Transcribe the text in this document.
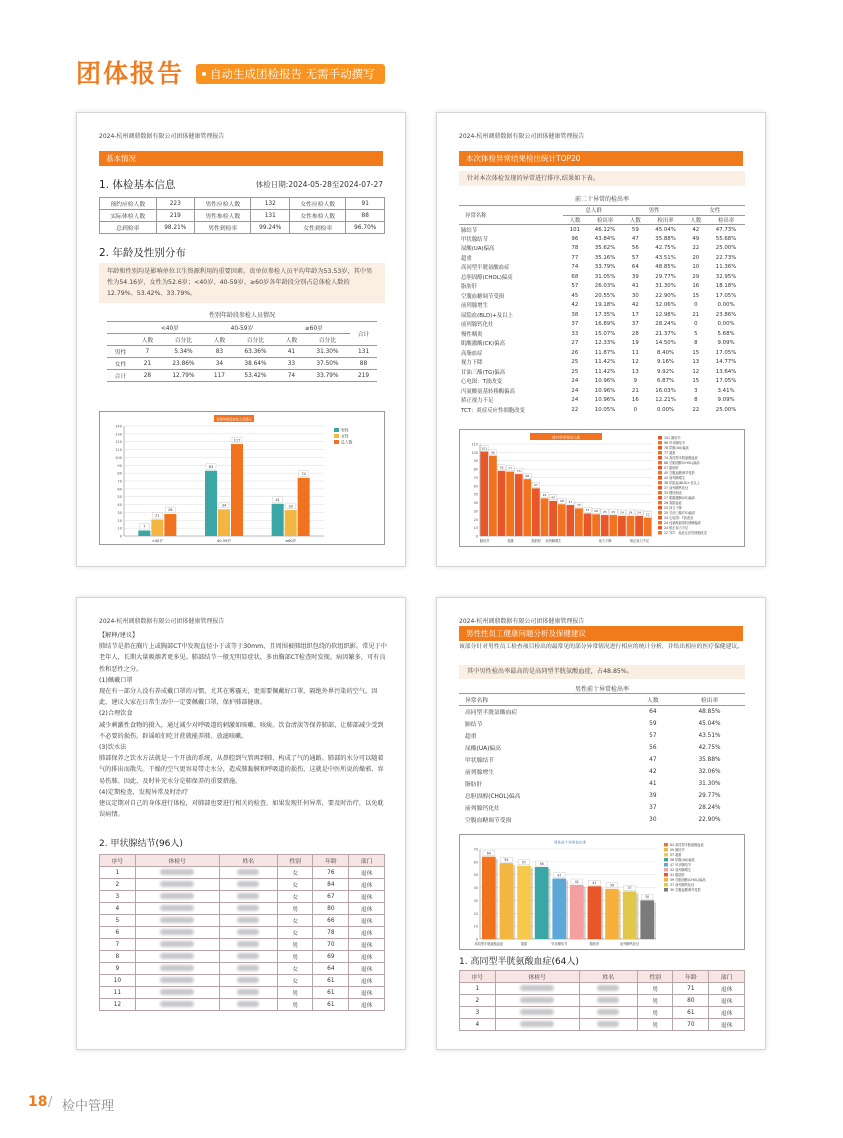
团体报告	自动生成团检报告 无需手动撰写
2024-杭州调鼎数据有限公司团体健康管理报告
基本情况
1. 体检基本信息	体检日期:2024-05-28至2024-07-27
预约应检人数	223	男性应检人数	132	女性应检人数	91
实际体检人数	219	男性参检人数	131	女性参检人数	88
总到检率	98.21%	男性到检率	99.24%	女性到检率	96.70%
2. 年龄及性别分布
年龄和性别均是影响单位卫生资源利用的重要因素。贵单位参检人员平均年龄为53.53岁，其中男性为54.16岁，女性为52.6岁；<40岁、40-59岁、≥60岁各年龄段分别占总体检人数的12.79%、53.42%、33.79%。
性别年龄段参检人员情况
	<40岁		40-59岁		≥60岁		合计
	人数	百分比	人数	百分比	人数	百分比	
男性	7	5.34%	83	63.36%	41	31.30%	131
女性	21	23.86%	34	38.64%	33	37.50%	88
合计	28	12.79%	117	53.42%	74	33.79%	219
性别年龄段参检人员情况
0
10
20
30
40
50
60
70
80
90
100
110
120
130
140
7
21
28
<40岁
83
34
117
40-59岁
41
33
74
≥60岁
男性
女性
总人数
2024-杭州调鼎数据有限公司团体健康管理报告
本次体检异常结果检出统计TOP20
针对本次体检发现的异常进行排序,结果如下表。
前二十异常的检出率
异常名称	总人群		男性		女性	
	人数	检出率	人数	检出率	人数	检出率
肺结节	101	46.12%	59	45.04%	42	47.73%
甲状腺结节	96	43.84%	47	35.88%	49	55.68%
尿酸(UA)偏高	78	35.62%	56	42.75%	22	25.00%
超重	77	35.16%	57	43.51%	20	22.73%
高同型半胱氨酸血症	74	33.79%	64	48.85%	10	11.36%
总胆固醇(CHOL)偏高	68	31.05%	39	29.77%	29	32.95%
脂肪肝	57	26.03%	41	31.30%	16	18.18%
空腹血糖调节受损	45	20.55%	30	22.90%	15	17.05%
前列腺增生	42	19.18%	42	32.06%	0	0.00%
尿隐血(BLD)+及以上	38	17.35%	17	12.98%	21	23.86%
前列腺钙化灶	37	16.89%	37	28.24%	0	0.00%
慢性咽炎	33	15.07%	28	21.37%	5	5.68%
肌酸激酶(CK)偏高	27	12.33%	19	14.50%	8	9.09%
高脂血症	26	11.87%	11	8.40%	15	17.05%
视力下降	25	11.42%	12	9.16%	13	14.77%
甘油三酯(TG)偏高	25	11.42%	13	9.92%	12	13.64%
心电图：T波改变	24	10.96%	9	6.87%	15	17.05%
丙氨酸氨基转移酶偏高	24	10.96%	21	16.03%	3	3.41%
矫正视力不足	24	10.96%	16	12.21%	8	9.09%
TCT：炎症反应性细胞改变	22	10.05%	0	0.00%	22	25.00%
前20异常检出人数
0
10
20
30
40
50
60
70
80
90
100
110
101
肺结节
101 肺结节
96
96 甲状腺结节
78
78 尿酸(UA)偏高
77
超重
77 超重
74
74 高同型半胱氨酸血症
68
68 总胆固醇(CHOL)偏高
57
脂肪肝
57 脂肪肝
45
45 空腹血糖调节受损
42
前列腺增生
42 前列腺增生
38
38 尿隐血(BLD)+及以上
37
37 前列腺钙化灶
33
33 慢性咽炎
27
27 肌酸激酶(CK)偏高
26
26 高脂血症
25
视力下降
25 视力下降
25	25 甘油三酯(TG)偏高
24
24 心电图：T波改变
24
24 丙氨酸氨基转移酶偏高
24
矫正视力不足
24 矫正视力不足
22
22 TCT：炎症反应性细胞改变
2024-杭州调鼎数据有限公司团体健康管理报告
【解释/建议】
肺结节是指在胸片上或胸部CT中发现直径小于或等于30mm、且周围被肺组织包绕的软组织影。常见于中老年人，长期大量吸烟者更多见。肺部结节一般无明显症状，多由胸部CT检查时发现。病因繁多，可有良性和恶性之分。
(1)佩戴口罩
现在有一部分人没有养成戴口罩的习惯，尤其在雾霾天，更需要佩戴好口罩，隔绝外界污染的空气。因此，建议大家在日常生活中一定要佩戴口罩，保护肺部健康。
(2)合理饮食
减少刺激性食物的摄入，通过减少对呼吸道的刺激如咳嗽、咳痰。饮食清淡等保养肺部，让肺部减少受到不必要的损伤。辟谣咱们吃甘蔗就能养肺、放滤咳嗽。
(3)饮水法
肺部保养之饮水方法就是一个开放的系统，从鼻腔到气管再到肺，构成了气的通路。肺部的水分可以随着气的排出而散失。干燥的空气更容易带走水分，造成肺黏膜和呼吸道的损伤，这就是中医所说的燥邪，容易伤肺。因此，及时补充水分是肺保养的重要措施。
(4)定期检查，发现异常及时治疗
建议定期对自己的身体进行体检，对肺部也要进行相关的检查，如果发现任何异常，要及时治疗，以免耽误病情。
2. 甲状腺结节(96人)
序号	体检号	姓名	性别	年龄	部门
1			女	76	退休
2			女	84	退休
3			女	67	退休
4			男	80	退休
5			女	66	退休
6			女	78	退休
7			男	70	退休
8			男	69	退休
9			女	64	退休
10			女	61	退休
11			男	61	退休
12			男	61	退休
2024-杭州调鼎数据有限公司团体健康管理报告
男性性员工健康问题分析及保健建议
该部分针对男性员工检查项目检出的最常见的部分异常情况进行相应的统计分析，并给出相应的医疗保健建议。
其中男性检出率最高的是高同型半胱氨酸血症，占48.85%。
男性前十异常检出率
异常名称	人数	检出率
高同型半胱氨酸血症	64	48.85%
肺结节	59	45.04%
超重	57	43.51%
尿酸(UA)偏高	56	42.75%
甲状腺结节	47	35.88%
前列腺增生	42	32.06%
脂肪肝	41	31.30%
总胆固醇(CHOL)偏高	39	29.77%
前列腺钙化灶	37	28.24%
空腹血糖调节受损	30	22.90%
男性前十异常检出率
0
10
20
30
40
50
60
70
64
高同型半胱氨酸血症
64 高同型半胱氨酸血症
59
59 肺结节
57
超重
57 超重
56
56 尿酸(UA)偏高
47
甲状腺结节
47 甲状腺结节
42
42 前列腺增生
41
脂肪肝
41 脂肪肝
39
39 总胆固醇(CHOL)偏高
37
前列腺钙化灶
37 前列腺钙化灶
30
30 空腹血糖调节受损
1. 高同型半胱氨酸血症(64人)
序号	体检号	姓名	性别	年龄	部门
1			男	71	退休
2			男	80	退休
3			男	61	退休
4			男	70	退休
18 / 检中管理
